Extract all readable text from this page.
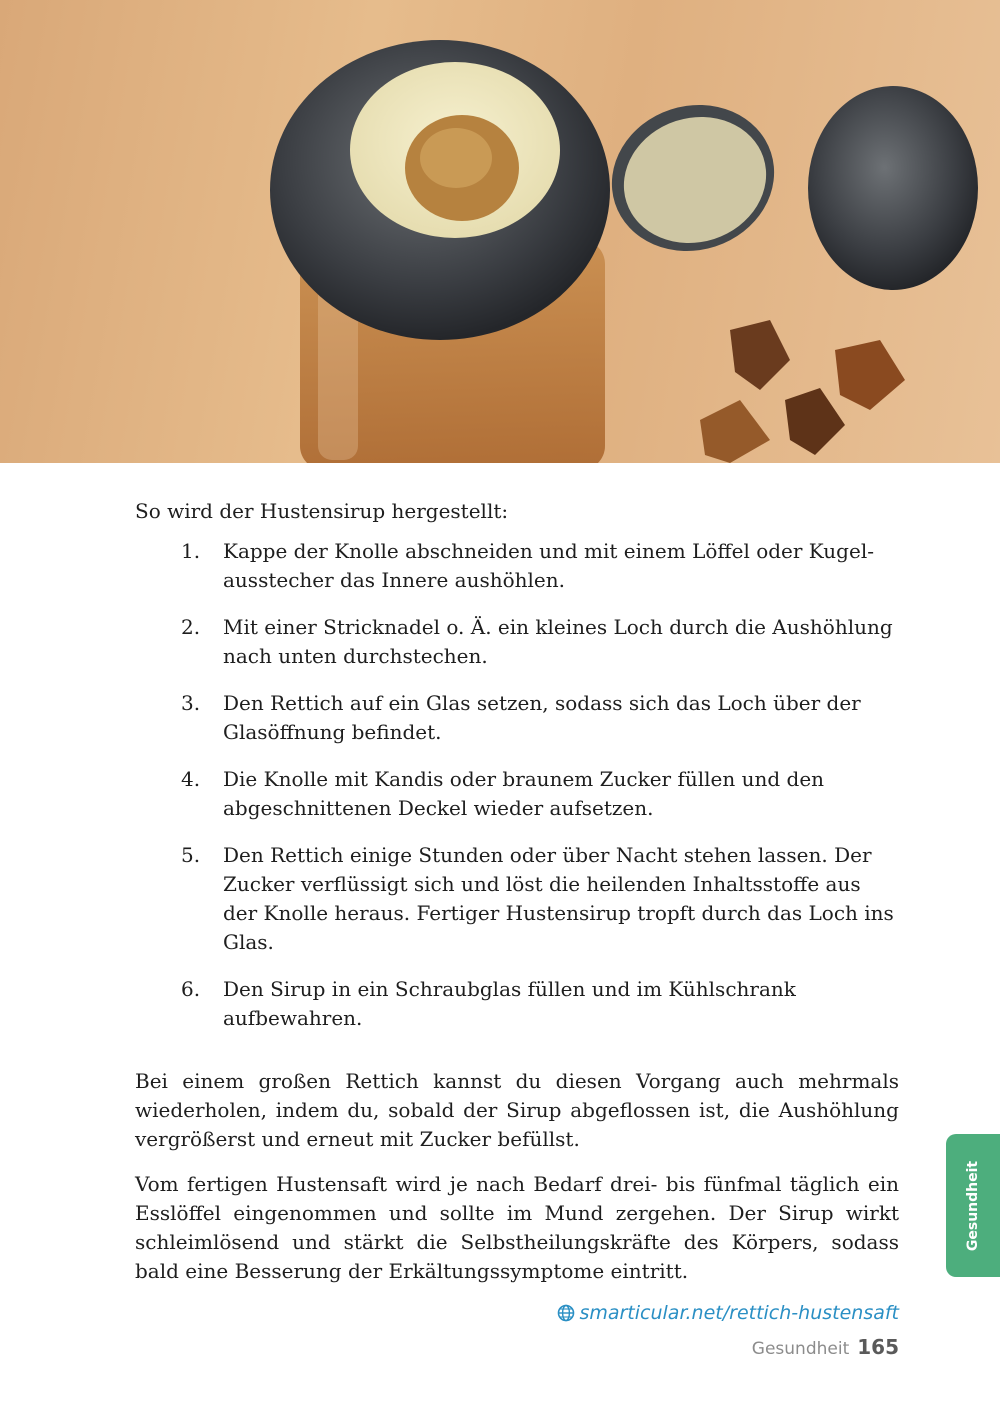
So wird der Hustensirup hergestellt:

1. Kappe der Knolle abschneiden und mit einem Löffel oder Kugelausstecher das Innere aushöhlen.
2. Mit einer Stricknadel o. Ä. ein kleines Loch durch die Aushöhlung nach unten durchstechen.
3. Den Rettich auf ein Glas setzen, sodass sich das Loch über der Glasöffnung befindet.
4. Die Knolle mit Kandis oder braunem Zucker füllen und den abgeschnittenen Deckel wieder aufsetzen.
5. Den Rettich einige Stunden oder über Nacht stehen lassen. Der Zucker verflüssigt sich und löst die heilenden Inhaltsstoffe aus der Knolle heraus. Fertiger Hustensirup tropft durch das Loch ins Glas.
6. Den Sirup in ein Schraubglas füllen und im Kühlschrank aufbewahren.

Bei einem großen Rettich kannst du diesen Vorgang auch mehrmals wiederholen, indem du, sobald der Sirup abgeflossen ist, die Aushöhlung vergrößerst und erneut mit Zucker befüllst.

Vom fertigen Hustensaft wird je nach Bedarf drei- bis fünfmal täglich ein Esslöffel eingenommen und sollte im Mund zergehen. Der Sirup wirkt schleimlösend und stärkt die Selbstheilungskräfte des Körpers, sodass bald eine Besserung der Erkältungssymptome eintritt.

smarticular.net/rettich-hustensaft
Gesundheit
Gesundheit 165
